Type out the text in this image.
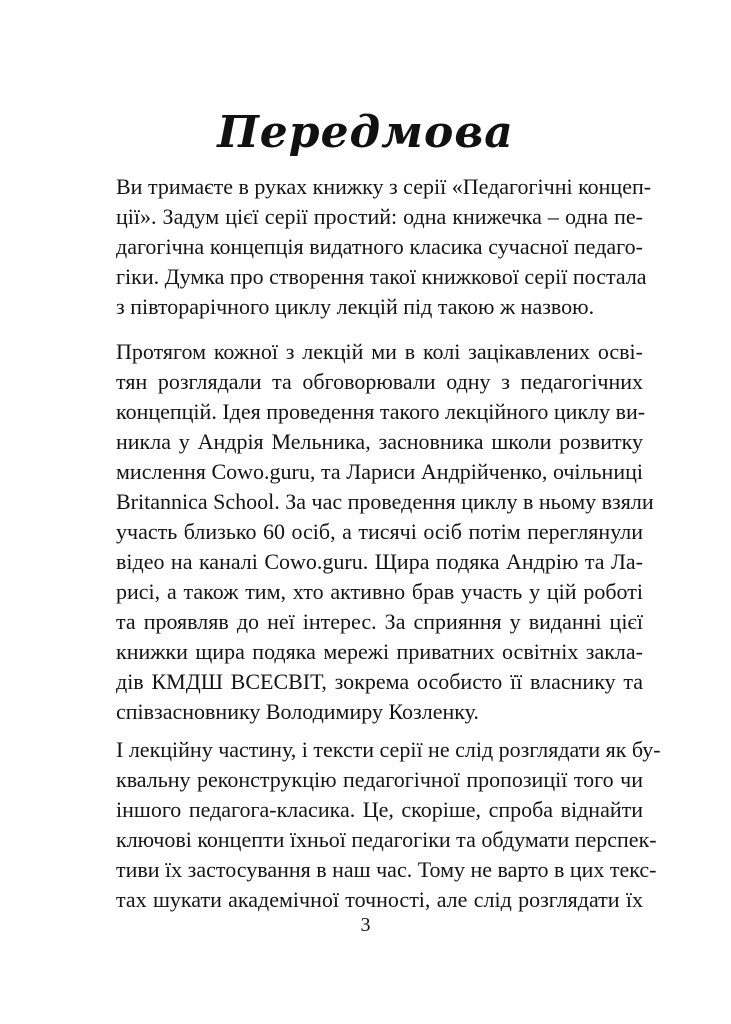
Передмова
Ви тримаєте в руках книжку з серії «Педагогічні концеп-
ції». Задум цієї серії простий: одна книжечка – одна пе-
дагогічна концепція видатного класика сучасної педаго-
гіки. Думка про створення такої книжкової серії постала
з півторарічного циклу лекцій під такою ж назвою.
Протягом кожної з лекцій ми в колі зацікавлених осві-
тян розглядали та обговорювали одну з педагогічних
концепцій. Ідея проведення такого лекційного циклу ви-
никла у Андрія Мельника, засновника школи розвитку
мислення Cowo.guru, та Лариси Андрійченко, очільниці
Britannica School. За час проведення циклу в ньому взяли
участь близько 60 осіб, а тисячі осіб потім переглянули
відео на каналі Cowo.guru. Щира подяка Андрію та Ла-
рисі, а також тим, хто активно брав участь у цій роботі
та проявляв до неї інтерес. За сприяння у виданні цієї
книжки щира подяка мережі приватних освітніх заклa-
дів КМДШ ВСЕСВІТ, зокрема особисто її власнику та
співзасновнику Володимиру Козленку.
І лекційну частину, і тексти серії не слід розглядати як бу-
квальну реконструкцію педагогічної пропозиції того чи
іншого педагога-класика. Це, скоріше, спроба віднайти
ключові концепти їхньої педагогіки та обдумати перспек-
тиви їх застосування в наш час. Тому не варто в цих текс-
тах шукати академічної точності, але слід розглядати їх
3
